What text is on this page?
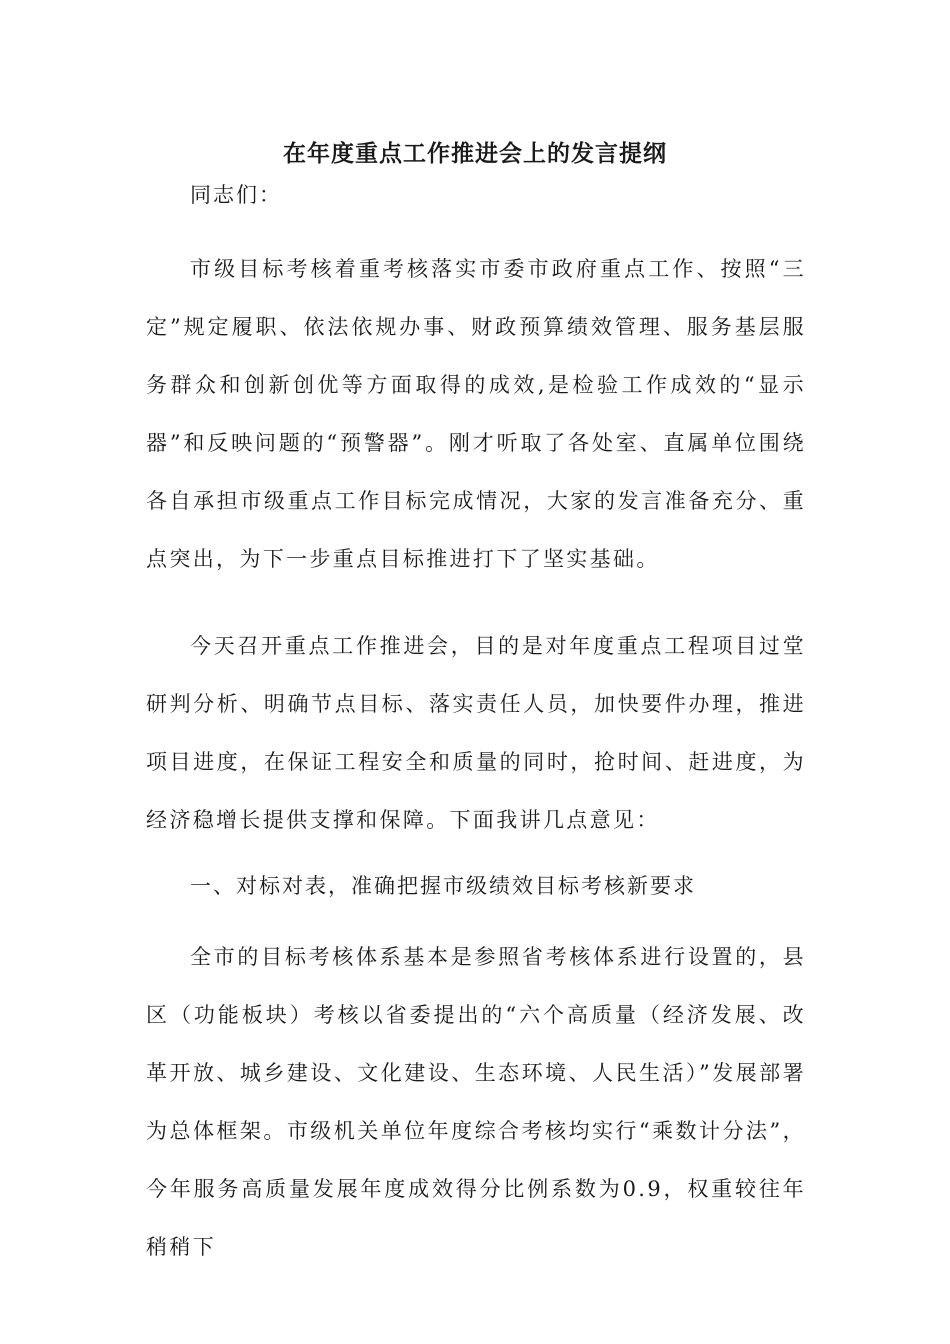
在年度重点工作推进会上的发言提纲

同志们：

市级目标考核着重考核落实市委市政府重点工作、按照“三定”规定履职、依法依规办事、财政预算绩效管理、服务基层服务群众和创新创优等方面取得的成效,是检验工作成效的“显示器”和反映问题的“预警器”。刚才听取了各处室、直属单位围绕各自承担市级重点工作目标完成情况，大家的发言准备充分、重点突出，为下一步重点目标推进打下了坚实基础。

今天召开重点工作推进会，目的是对年度重点工程项目过堂研判分析、明确节点目标、落实责任人员，加快要件办理，推进项目进度，在保证工程安全和质量的同时，抢时间、赶进度，为经济稳增长提供支撑和保障。下面我讲几点意见：

一、对标对表，准确把握市级绩效目标考核新要求

全市的目标考核体系基本是参照省考核体系进行设置的，县区（功能板块）考核以省委提出的“六个高质量（经济发展、改革开放、城乡建设、文化建设、生态环境、人民生活）”发展部署为总体框架。市级机关单位年度综合考核均实行“乘数计分法”，今年服务高质量发展年度成效得分比例系数为0.9，权重较往年稍稍下
